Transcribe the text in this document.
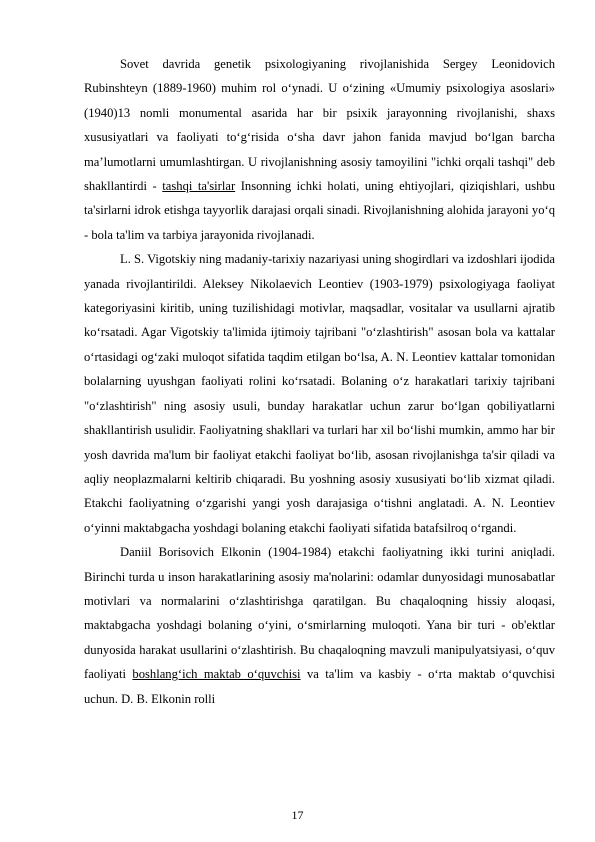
Sovet davrida genetik psixologiyaning rivojlanishida Sergey Leonidovich Rubinshteyn (1889-1960) muhim rol o‘ynadi. U o‘zining «Umumiy psixologiya asoslari» (1940)13 nomli monumental asarida har bir psixik jarayonning rivojlanishi, shaxs xususiyatlari va faoliyati to‘g‘risida o‘sha davr jahon fanida mavjud bo‘lgan barcha ma’lumotlarni umumlashtirgan. U rivojlanishning asosiy tamoyilini "ichki orqali tashqi" deb shakllantirdi - tashqi ta'sirlar Insonning ichki holati, uning ehtiyojlari, qiziqishlari, ushbu ta'sirlarni idrok etishga tayyorlik darajasi orqali sinadi. Rivojlanishning alohida jarayoni yo‘q - bola ta'lim va tarbiya jarayonida rivojlanadi.

L. S. Vigotskiy ning madaniy-tarixiy nazariyasi uning shogirdlari va izdoshlari ijodida yanada rivojlantirildi. Aleksey Nikolaevich Leontiev (1903-1979) psixologiyaga faoliyat kategoriyasini kiritib, uning tuzilishidagi motivlar, maqsadlar, vositalar va usullarni ajratib ko‘rsatadi. Agar Vigotskiy ta'limida ijtimoiy tajribani "o‘zlashtirish" asosan bola va kattalar o‘rtasidagi og‘zaki muloqot sifatida taqdim etilgan bo‘lsa, A. N. Leontiev kattalar tomonidan bolalarning uyushgan faoliyati rolini ko‘rsatadi. Bolaning o‘z harakatlari tarixiy tajribani "o‘zlashtirish" ning asosiy usuli, bunday harakatlar uchun zarur bo‘lgan qobiliyatlarni shakllantirish usulidir. Faoliyatning shakllari va turlari har xil bo‘lishi mumkin, ammo har bir yosh davrida ma'lum bir faoliyat etakchi faoliyat bo‘lib, asosan rivojlanishga ta'sir qiladi va aqliy neoplazmalarni keltirib chiqaradi. Bu yoshning asosiy xususiyati bo‘lib xizmat qiladi. Etakchi faoliyatning o‘zgarishi yangi yosh darajasiga o‘tishni anglatadi. A. N. Leontiev o‘yinni maktabgacha yoshdagi bolaning etakchi faoliyati sifatida batafsilroq o‘rgandi.

Daniil Borisovich Elkonin (1904-1984) etakchi faoliyatning ikki turini aniqladi. Birinchi turda u inson harakatlarining asosiy ma'nolarini: odamlar dunyosidagi munosabatlar motivlari va normalarini o‘zlashtirishga qaratilgan. Bu chaqaloqning hissiy aloqasi, maktabgacha yoshdagi bolaning o‘yini, o‘smirlarning muloqoti. Yana bir turi - ob'ektlar dunyosida harakat usullarini o‘zlashtirish. Bu chaqaloqning mavzuli manipulyatsiyasi, o‘quv faoliyati boshlang‘ich maktab o‘quvchisi va ta'lim va kasbiy - o‘rta maktab o‘quvchisi uchun. D. B. Elkonin rolli

17
